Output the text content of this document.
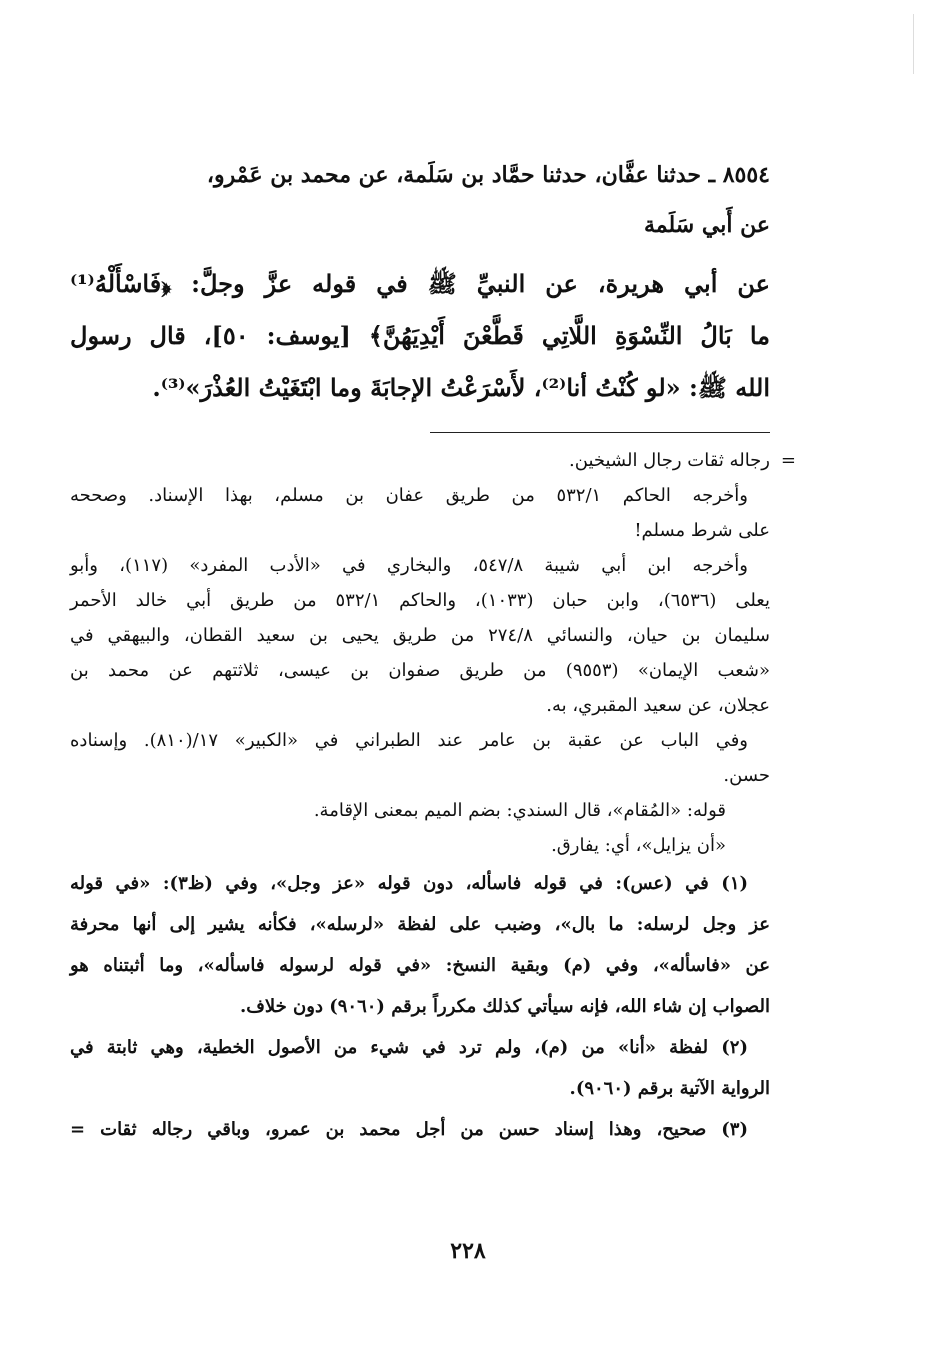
٨٥٥٤ ـ حدثنا عفَّان، حدثنا حمَّاد بن سَلَمة، عن محمد بن عَمْرو،
عن أَبي سَلَمة
عن أبي هريرة، عن النبيِّ ﷺ في قوله عزَّ وجلَّ: ﴿فَاسْأَلْهُ⁽¹⁾
ما بَالُ النِّسْوَةِ اللَّاتِي قَطَّعْنَ أَيْدِيَهُنَّ﴾ [يوسف: ٥٠]، قال رسول
الله ﷺ: «لو كُنْتُ أنا⁽²⁾، لأَسْرَعْتُ الإجابَةَ وما ابْتَغَيْتُ العُذْرَ»⁽³⁾.

رجاله ثقات رجال الشيخين. =

وأخرجه الحاكم ٥٣٢/١ من طريق عفان بن مسلم، بهذا الإسناد. وصححه
على شرط مسلم!

وأخرجه ابن أبي شيبة ٥٤٧/٨، والبخاري في «الأدب المفرد» (١١٧)، وأبو
يعلى (٦٥٣٦)، وابن حبان (١٠٣٣)، والحاكم ٥٣٢/١ من طريق أبي خالد الأحمر
سليمان بن حيان، والنسائي ٢٧٤/٨ من طريق يحيى بن سعيد القطان، والبيهقي في
«شعب الإيمان» (٩٥٥٣) من طريق صفوان بن عيسى، ثلاثتهم عن محمد بن
عجلان، عن سعيد المقبري، به.

وفي الباب عن عقبة بن عامر عند الطبراني في «الكبير» ١٧/(٨١٠). وإسناده
حسن.

قوله: «المُقام»، قال السندي: بضم الميم بمعنى الإقامة.

«أن يزايل»، أي: يفارق.

(١) في (عس): في قوله فاسأله، دون قوله «عز وجل»، وفي (ظ٣): «في قوله
عز وجل لرسله: ما بال»، وضبب على لفظة «لرسله»، فكأنه يشير إلى أنها محرفة
عن «فاسأله»، وفي (م) وبقية النسخ: «في قوله لرسوله فاسأله»، وما أثبتناه هو
الصواب إن شاء الله، فإنه سيأتي كذلك مكرراً برقم (٩٠٦٠) دون خلاف.

(٢) لفظة «أنا» من (م)، ولم ترد في شيء من الأصول الخطية، وهي ثابتة في
الرواية الآتية برقم (٩٠٦٠).

(٣) صحيح، وهذا إسناد حسن من أجل محمد بن عمرو، وباقي رجاله ثقات =

٢٢٨
